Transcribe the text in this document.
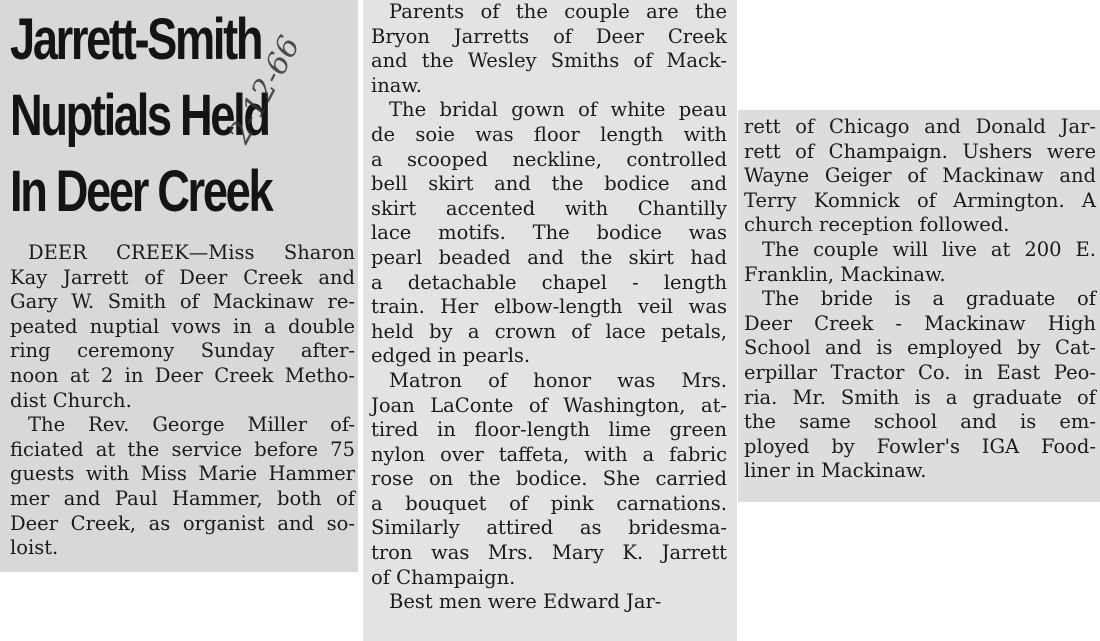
Jarrett-Smith
Nuptials Held
In Deer Creek
2-12-66
DEER CREEK—Miss Sharon
Kay Jarrett of Deer Creek and
Gary W. Smith of Mackinaw re-
peated nuptial vows in a double
ring ceremony Sunday after-
noon at 2 in Deer Creek Metho-
dist Church.
The Rev. George Miller of-
ficiated at the service before 75
guests with Miss Marie Hammer
mer and Paul Hammer, both of
Deer Creek, as organist and so-
loist.
Parents of the couple are the
Bryon Jarretts of Deer Creek
and the Wesley Smiths of Mack-
inaw.
The bridal gown of white peau
de soie was floor length with
a scooped neckline, controlled
bell skirt and the bodice and
skirt accented with Chantilly
lace motifs. The bodice was
pearl beaded and the skirt had
a detachable chapel - length
train. Her elbow-length veil was
held by a crown of lace petals,
edged in pearls.
Matron of honor was Mrs.
Joan LaConte of Washington, at-
tired in floor-length lime green
nylon over taffeta, with a fabric
rose on the bodice. She carried
a bouquet of pink carnations.
Similarly attired as bridesma-
tron was Mrs. Mary K. Jarrett
of Champaign.
Best men were Edward Jar-
rett of Chicago and Donald Jar-
rett of Champaign. Ushers were
Wayne Geiger of Mackinaw and
Terry Komnick of Armington. A
church reception followed.
The couple will live at 200 E.
Franklin, Mackinaw.
The bride is a graduate of
Deer Creek - Mackinaw High
School and is employed by Cat-
erpillar Tractor Co. in East Peo-
ria. Mr. Smith is a graduate of
the same school and is em-
ployed by Fowler's IGA Food-
liner in Mackinaw.
